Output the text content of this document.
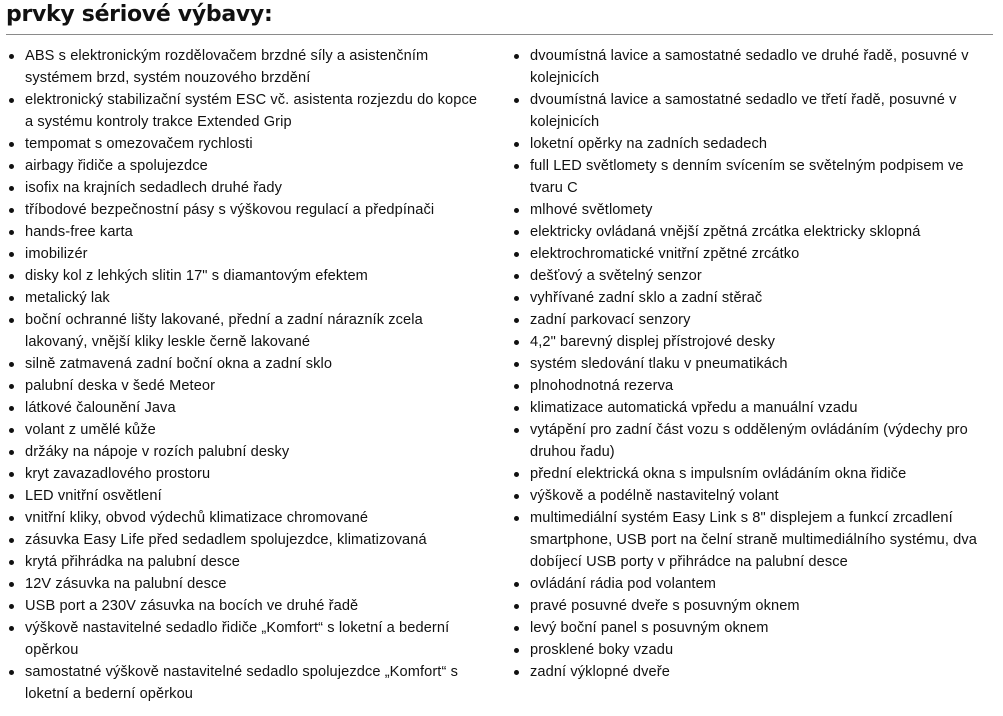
prvky sériové výbavy:
ABS s elektronickým rozdělovačem brzdné síly a asistenčním systémem brzd, systém nouzového brzdění
elektronický stabilizační systém ESC vč. asistenta rozjezdu do kopce a systému kontroly trakce Extended Grip
tempomat s omezovačem rychlosti
airbagy řidiče a spolujezdce
isofix na krajních sedadlech druhé řady
tříbodové bezpečnostní pásy s výškovou regulací a předpínači
hands-free karta
imobilizér
disky kol z lehkých slitin 17" s diamantovým efektem
metalický lak
boční ochranné lišty lakované, přední a zadní nárazník zcela lakovaný, vnější kliky leskle černě lakované
silně zatmavená zadní boční okna a zadní sklo
palubní deska v šedé Meteor
látkové čalounění Java
volant z umělé kůže
držáky na nápoje v rozích palubní desky
kryt zavazadlového prostoru
LED vnitřní osvětlení
vnitřní kliky, obvod výdechů klimatizace chromované
zásuvka Easy Life před sedadlem spolujezdce, klimatizovaná
krytá přihrádka na palubní desce
12V zásuvka na palubní desce
USB port a 230V zásuvka na bocích ve druhé řadě
výškově nastavitelné sedadlo řidiče „Komfort“ s loketní a bederní opěrkou
samostatné výškově nastavitelné sedadlo spolujezdce „Komfort“ s loketní a bederní opěrkou
dvoumístná lavice a samostatné sedadlo ve druhé řadě, posuvné v kolejnicích
dvoumístná lavice a samostatné sedadlo ve třetí řadě, posuvné v kolejnicích
loketní opěrky na zadních sedadech
full LED světlomety s denním svícením se světelným podpisem ve tvaru C
mlhové světlomety
elektricky ovládaná vnější zpětná zrcátka elektricky sklopná
elektrochromatické vnitřní zpětné zrcátko
dešťový a světelný senzor
vyhřívané zadní sklo a zadní stěrač
zadní parkovací senzory
4,2" barevný displej přístrojové desky
systém sledování tlaku v pneumatikách
plnohodnotná rezerva
klimatizace automatická vpředu a manuální vzadu
vytápění pro zadní část vozu s odděleným ovládáním (výdechy pro druhou řadu)
přední elektrická okna s impulsním ovládáním okna řidiče
výškově a podélně nastavitelný volant
multimediální systém Easy Link s 8" displejem a funkcí zrcadlení smartphone, USB port na čelní straně multimediálního systému, dva dobíjecí USB porty v přihrádce na palubní desce
ovládání rádia pod volantem
pravé posuvné dveře s posuvným oknem
levý boční panel s posuvným oknem
prosklené boky vzadu
zadní výklopné dveře
